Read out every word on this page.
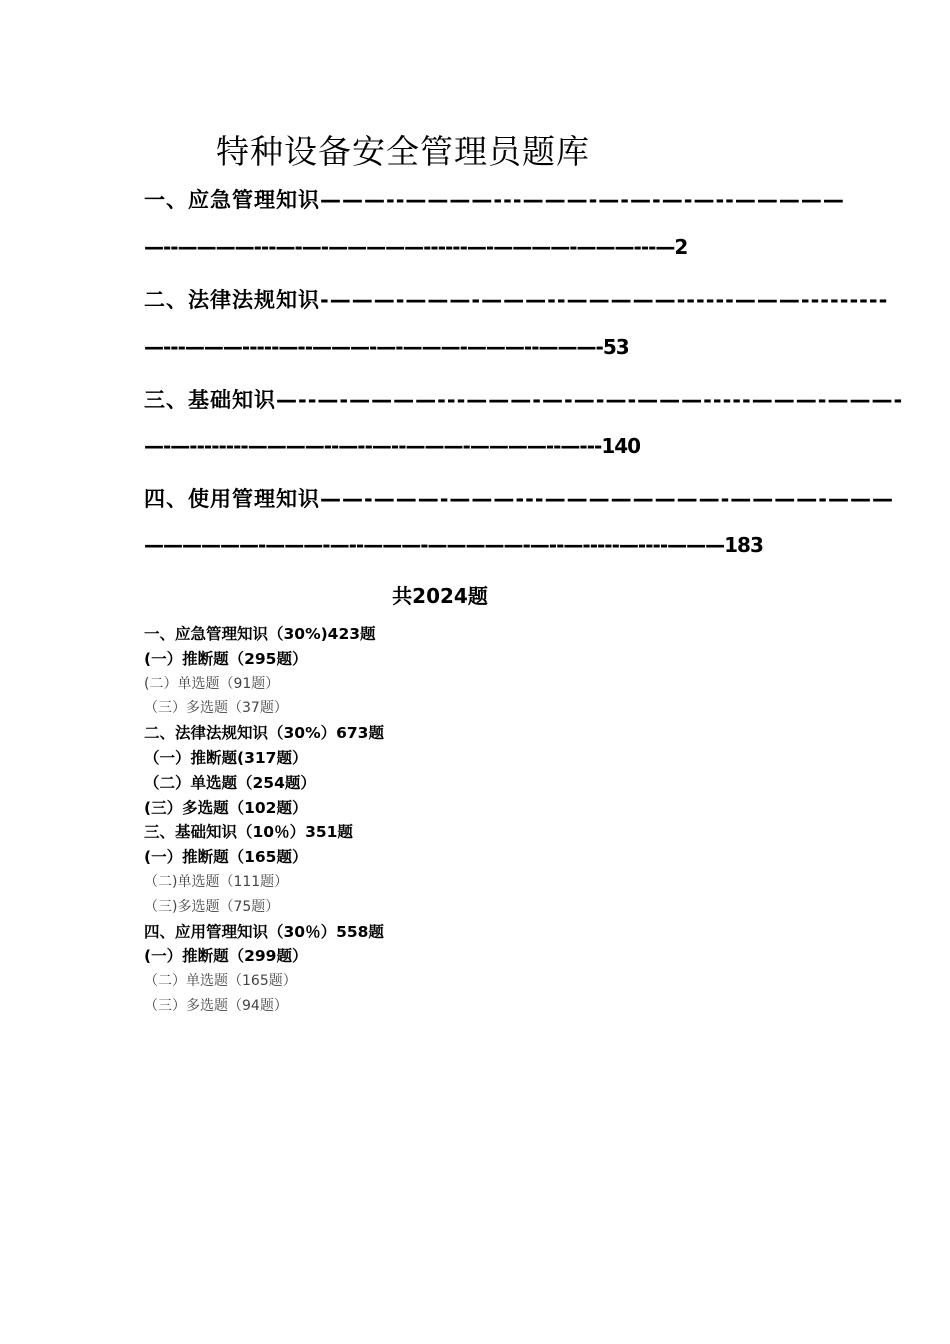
特种设备安全管理员题库
一、应急管理知识———--————---———-—-—-—-—--—————
—--————---—-—-—————------—-————-———---—2
二、法律法规知识-———-———-———--—————------———---------
—---———-----—--———-—-———-———--———-53
三、基础知识—--—-————---———-—-—-—-———-----———-———-
—-—--------————--—--—--———-————--—---140
四、使用管理知识——-———-———---————————-————-———
——————-———-—--———-—————-—--—-----—----———183
共2024题
一、应急管理知识（30%)423题
(一）推断题（295题）
(二）单选题（91题）
（三）多选题（37题）
二、法律法规知识（30%）673题
（一）推断题(317题）
（二）单选题（254题）
(三）多选题（102题）
三、基础知识（10％）351题
(一）推断题（165题）
（二)单选题（111题）
（三)多选题（75题）
四、应用管理知识（30％）558题
(一）推断题（299题）
（二）单选题（165题）
（三）多选题（94题）
